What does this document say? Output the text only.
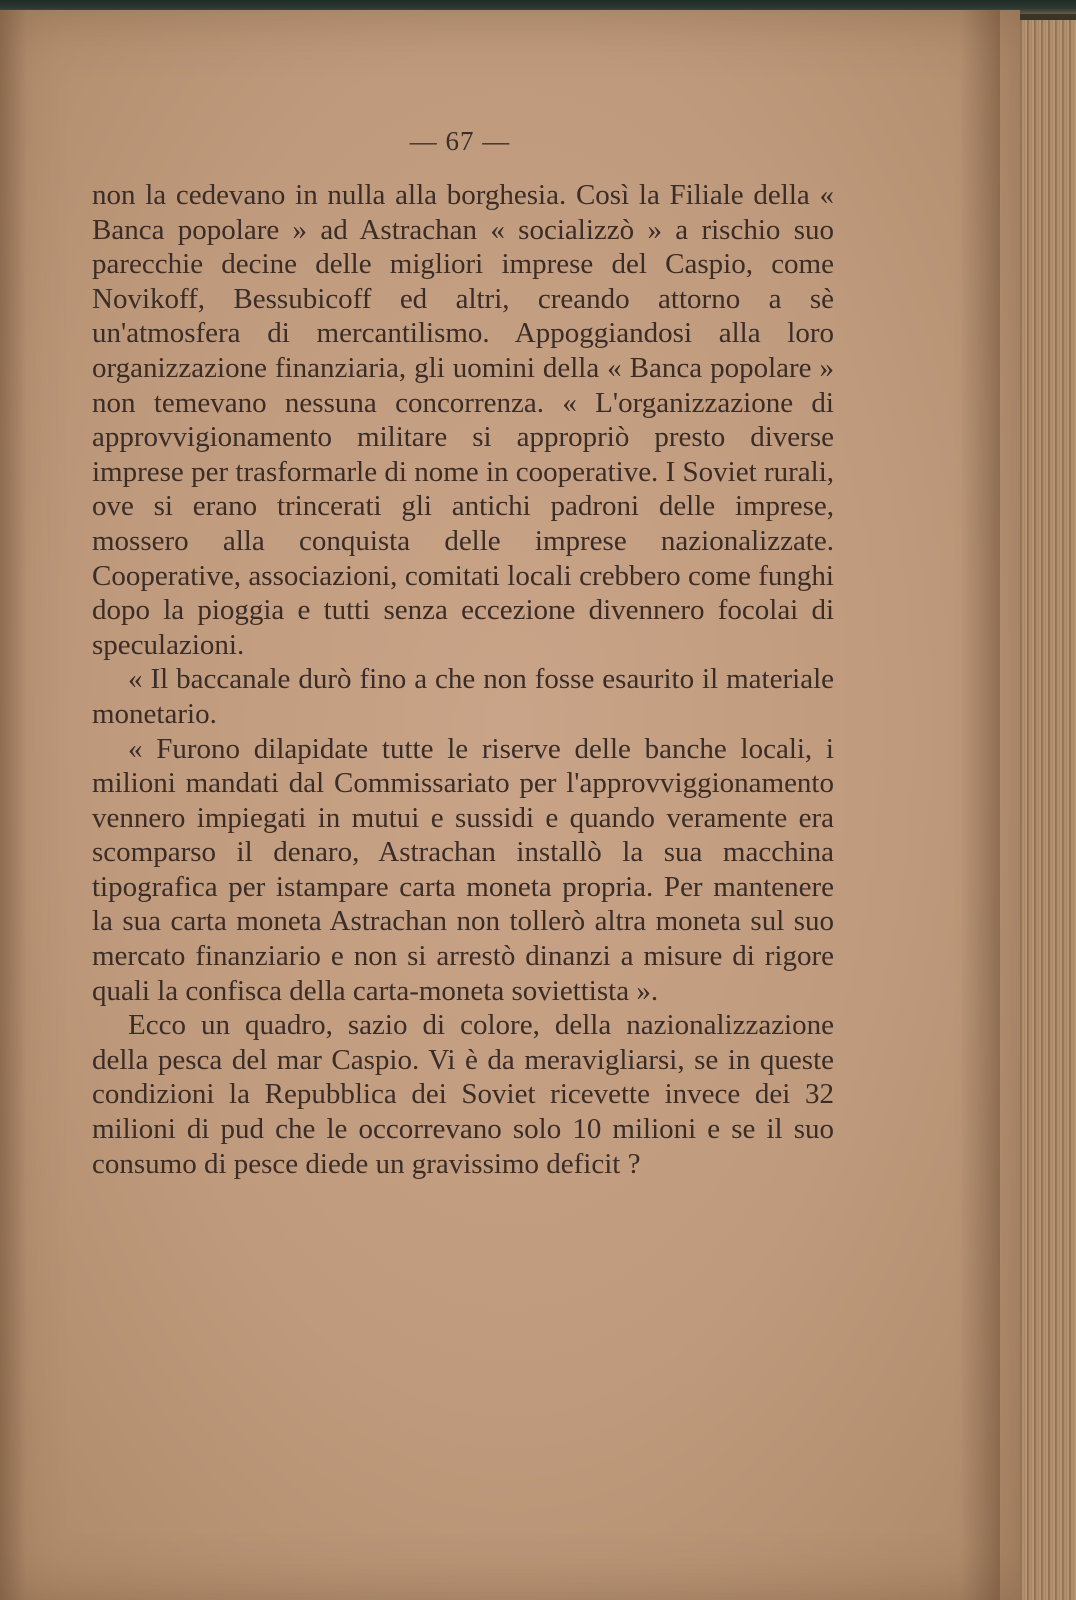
— 67 —

non la cedevano in nulla alla borghesia. Così la Filiale della « Banca popolare » ad Astrachan « socializzò » a rischio suo parecchie decine delle migliori imprese del Caspio, come Novikoff, Bessubicoff ed altri, creando attorno a sè un'atmosfera di mercantilismo. Appoggiandosi alla loro organizzazione finanziaria, gli uomini della « Banca popolare » non temevano nessuna concorrenza. « L'organizzazione di approvvigionamento militare si appropriò presto diverse imprese per trasformarle di nome in cooperative. I Soviet rurali, ove si erano trincerati gli antichi padroni delle imprese, mossero alla conquista delle imprese nazionalizzate. Cooperative, associazioni, comitati locali crebbero come funghi dopo la pioggia e tutti senza eccezione divennero focolai di speculazioni.

« Il baccanale durò fino a che non fosse esaurito il materiale monetario.

« Furono dilapidate tutte le riserve delle banche locali, i milioni mandati dal Commissariato per l'approvviggionamento vennero impiegati in mutui e sussidi e quando veramente era scomparso il denaro, Astrachan installò la sua macchina tipografica per istampare carta moneta propria. Per mantenere la sua carta moneta Astrachan non tollerò altra moneta sul suo mercato finanziario e non si arrestò dinanzi a misure di rigore quali la confisca della carta-moneta soviettista ».

Ecco un quadro, sazio di colore, della nazionalizzazione della pesca del mar Caspio. Vi è da meravigliarsi, se in queste condizioni la Repubblica dei Soviet ricevette invece dei 32 milioni di pud che le occorrevano solo 10 milioni e se il suo consumo di pesce diede un gravissimo deficit ?
